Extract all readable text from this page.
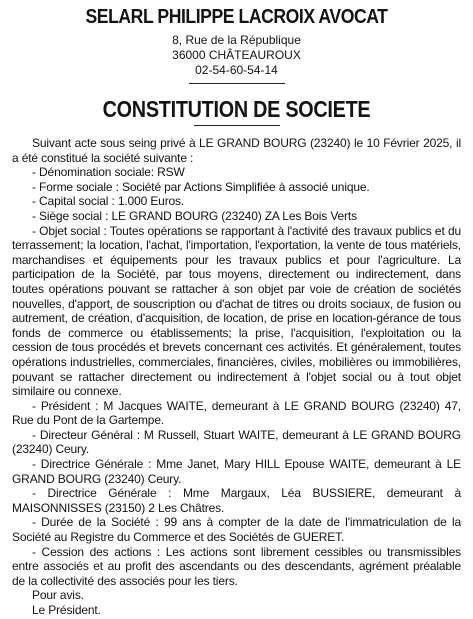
SELARL PHILIPPE LACROIX AVOCAT
8, Rue de la République
36000 CHÂTEAUROUX
02-54-60-54-14
CONSTITUTION DE SOCIETE

Suivant acte sous seing privé à LE GRAND BOURG (23240) le 10 Février 2025, il a été constitué la société suivante :

- Dénomination sociale: RSW

- Forme sociale : Société par Actions Simplifiée à associé unique.

- Capital social : 1.000 Euros.

- Siège social : LE GRAND BOURG (23240) ZA Les Bois Verts

- Objet social : Toutes opérations se rapportant à l'activité des travaux publics et du terrassement; la location, l'achat, l'importation, l'exportation, la vente de tous matériels, marchandises et équipements pour les travaux publics et pour l'agriculture. La participation de la Société, par tous moyens, directement ou indirectement, dans toutes opérations pouvant se rattacher à son objet par voie de création de sociétés nouvelles, d'apport, de souscription ou d'achat de titres ou droits sociaux, de fusion ou autrement, de création, d'acquisition, de location, de prise en location-gérance de tous fonds de commerce ou établissements; la prise, l'acquisition, l'exploitation ou la cession de tous procédés et brevets concernant ces activités. Et généralement, toutes opérations industrielles, commerciales, financières, civiles, mobilières ou immobilières, pouvant se rattacher directement ou indirectement à l'objet social ou à tout objet similaire ou connexe.

- Président : M Jacques WAITE, demeurant à LE GRAND BOURG (23240) 47, Rue du Pont de la Gartempe.

- Directeur Général : M Russell, Stuart WAITE, demeurant à LE GRAND BOURG (23240) Ceury.

- Directrice Générale : Mme Janet, Mary HILL Epouse WAITE, demeurant à LE GRAND BOURG (23240) Ceury.

- Directrice Générale : Mme Margaux, Léa BUSSIERE, demeurant à MAISONNISSES (23150) 2 Les Châtres.

- Durée de la Société : 99 ans à compter de la date de l'immatriculation de la Société au Registre du Commerce et des Sociétés de GUERET.

- Cession des actions : Les actions sont librement cessibles ou transmissibles entre associés et au profit des ascendants ou des descendants, agrément préalable de la collectivité des associés pour les tiers.

Pour avis.
Le Président.
